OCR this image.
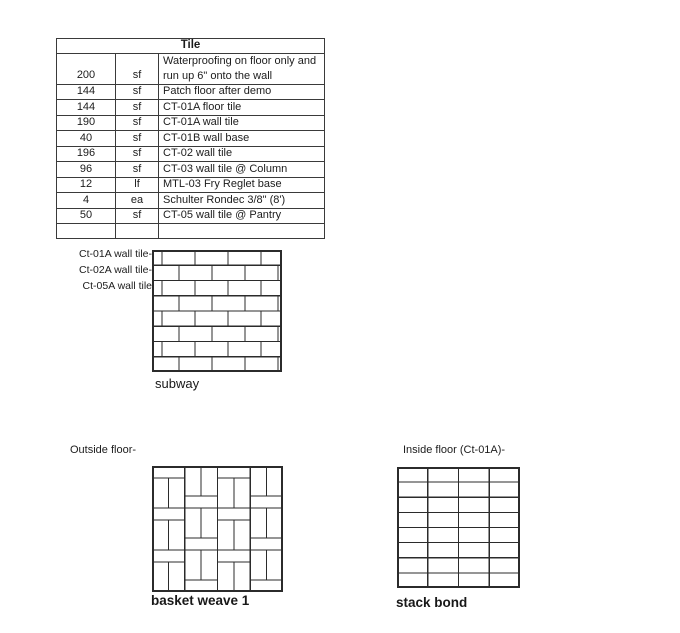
Tile		
200	sf	Waterproofing on floor only and run up 6" onto the wall
144	sf	Patch floor after demo
144	sf	CT-01A floor tile
190	sf	CT-01A wall tile
40	sf	CT-01B wall base
196	sf	CT-02 wall tile
96	sf	CT-03 wall tile @ Column
12	lf	MTL-03 Fry Reglet base
4	ea	Schulter Rondec 3/8" (8')
50	sf	CT-05 wall tile @ Pantry

Ct-01A wall tile-
Ct-02A wall tile-
Ct-05A wall tile
subway
Outside floor-
basket weave 1
Inside floor (Ct-01A)-
stack bond
